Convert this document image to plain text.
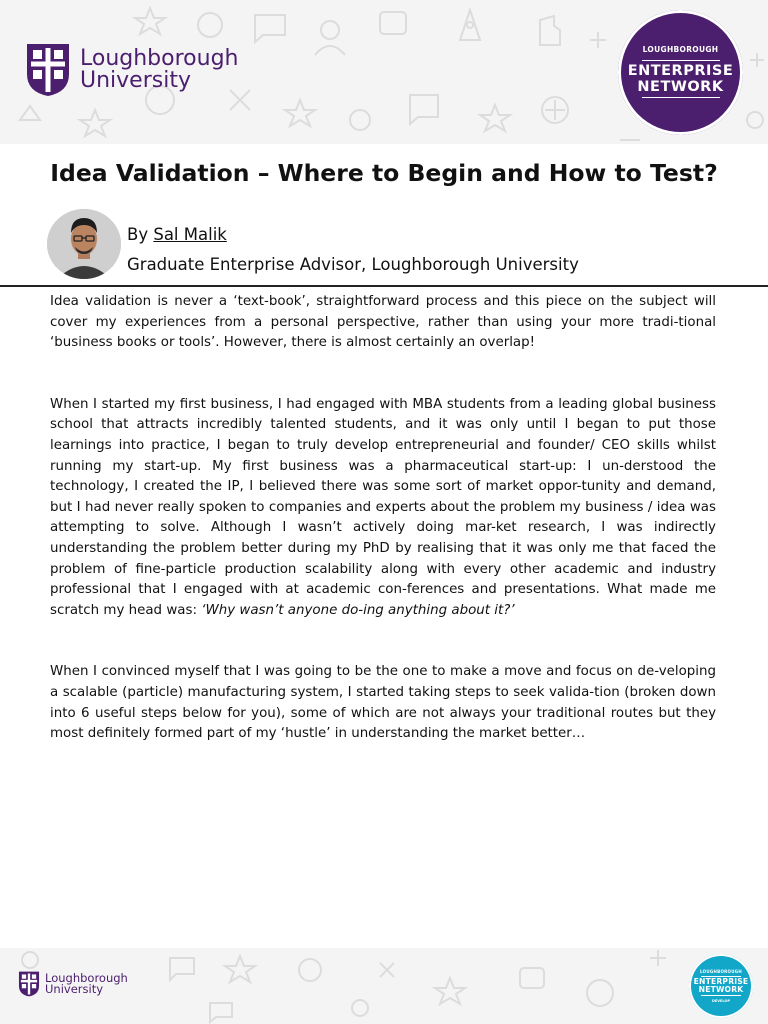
Loughborough
University
LOUGHBOROUGH
ENTERPRISE
NETWORK
Idea Validation – Where to Begin and How to Test?
By Sal Malik
Graduate Enterprise Advisor, Loughborough University

Idea validation is never a ‘text-book’, straightforward process and this piece on the subject will cover my experiences from a personal perspective, rather than using your more tradi-tional ‘business books or tools’. However, there is almost certainly an overlap!

When I started my first business, I had engaged with MBA students from a leading global business school that attracts incredibly talented students, and it was only until I began to put those learnings into practice, I began to truly develop entrepreneurial and founder/ CEO skills whilst running my start-up. My first business was a pharmaceutical start-up: I un-derstood the technology, I created the IP, I believed there was some sort of market oppor-tunity and demand, but I had never really spoken to companies and experts about the problem my business / idea was attempting to solve. Although I wasn’t actively doing mar-ket research, I was indirectly understanding the problem better during my PhD by realising that it was only me that faced the problem of fine-particle production scalability along with every other academic and industry professional that I engaged with at academic con-ferences and presentations. What made me scratch my head was: ‘Why wasn’t anyone do-ing anything about it?’

When I convinced myself that I was going to be the one to make a move and focus on de-veloping a scalable (particle) manufacturing system, I started taking steps to seek valida-tion (broken down into 6 useful steps below for you), some of which are not always your traditional routes but they most definitely formed part of my ‘hustle’ in understanding the market better…

Loughborough
University
LOUGHBOROUGH
ENTERPRISE
NETWORK
DEVELOP
